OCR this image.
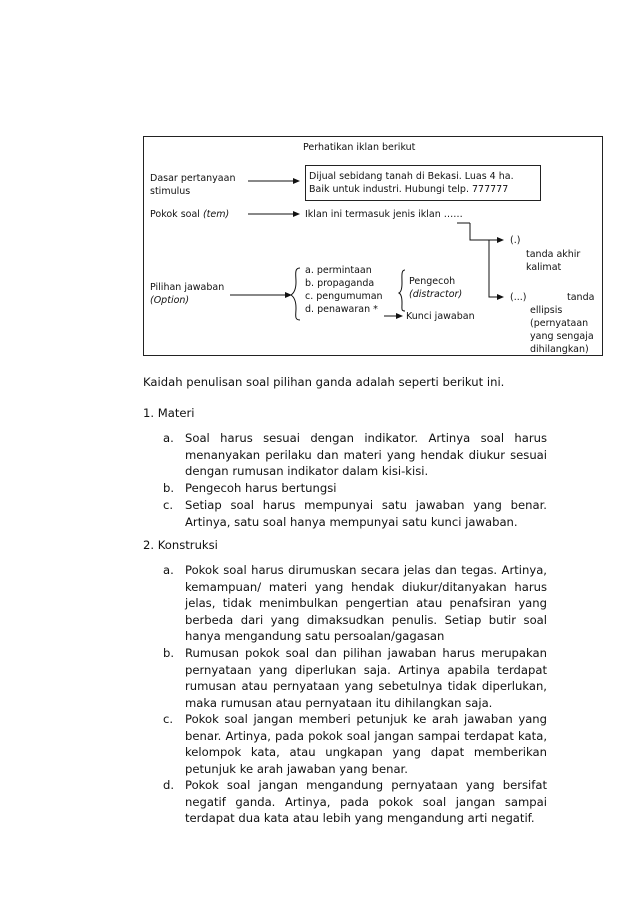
Perhatikan iklan berikut
Dasar pertanyaan
stimulus
Dijual sebidang tanah di Bekasi. Luas 4 ha.
Baik untuk industri. Hubungi telp. 777777
Pokok soal (tem)	Iklan ini termasuk jenis iklan ……
(.)
tanda akhir
kalimat
Pilihan jawaban
(Option)
a. permintaan
b. propaganda
c. pengumuman
d. penawaran *
Pengecoh
(distractor)
Kunci jawaban
(...)	tanda
ellipsis
(pernyataan
yang sengaja
dihilangkan)
Kaidah penulisan soal pilihan ganda adalah seperti berikut ini.
1. Materi
a. Soal harus sesuai dengan indikator. Artinya soal harus menanyakan perilaku dan materi yang hendak diukur sesuai dengan rumusan indikator dalam kisi-kisi.
b. Pengecoh harus bertungsi
c. Setiap soal harus mempunyai satu jawaban yang benar. Artinya, satu soal hanya mempunyai satu kunci jawaban.
2. Konstruksi
a. Pokok soal harus dirumuskan secara jelas dan tegas. Artinya, kemampuan/ materi yang hendak diukur/ditanyakan harus jelas, tidak menimbulkan pengertian atau penafsiran yang berbeda dari yang dimaksudkan penulis. Setiap butir soal hanya mengandung satu persoalan/gagasan
b. Rumusan pokok soal dan pilihan jawaban harus merupakan pernyataan yang diperlukan saja. Artinya apabila terdapat rumusan atau pernyataan yang sebetulnya tidak diperlukan, maka rumusan atau pernyataan itu dihilangkan saja.
c. Pokok soal jangan memberi petunjuk ke arah jawaban yang benar. Artinya, pada pokok soal jangan sampai terdapat kata, kelompok kata, atau ungkapan yang dapat memberikan petunjuk ke arah jawaban yang benar.
d. Pokok soal jangan mengandung pernyataan yang bersifat negatif ganda. Artinya, pada pokok soal jangan sampai terdapat dua kata atau lebih yang mengandung arti negatif.
